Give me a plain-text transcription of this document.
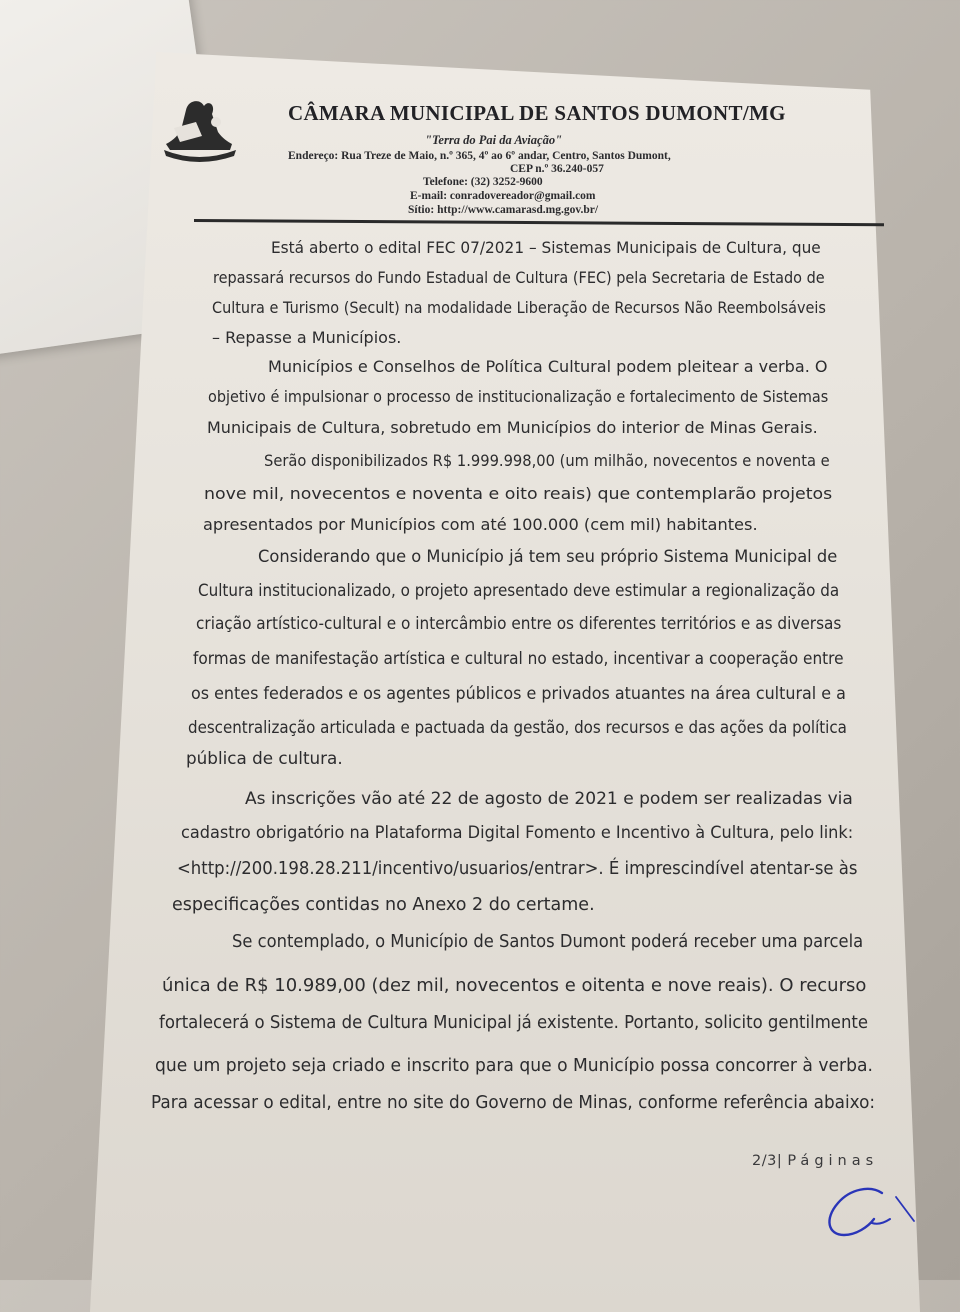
CÂMARA MUNICIPAL DE SANTOS DUMONT/MG
"Terra do Pai da Aviação"
Endereço: Rua Treze de Maio, n.º 365, 4º ao 6º andar, Centro, Santos Dumont,
CEP n.º 36.240-057
Telefone: (32) 3252-9600
E-mail: conradovereador@gmail.com
Sítio: http://www.camarasd.mg.gov.br/
Está aberto o edital FEC 07/2021 – Sistemas Municipais de Cultura, que
repassará recursos do Fundo Estadual de Cultura (FEC) pela Secretaria de Estado de
Cultura e Turismo (Secult) na modalidade Liberação de Recursos Não Reembolsáveis
– Repasse a Municípios.
Municípios e Conselhos de Política Cultural podem pleitear a verba. O
objetivo é impulsionar o processo de institucionalização e fortalecimento de Sistemas
Municipais de Cultura, sobretudo em Municípios do interior de Minas Gerais.
Serão disponibilizados R$ 1.999.998,00 (um milhão, novecentos e noventa e
nove mil, novecentos e noventa e oito reais) que contemplarão projetos
apresentados por Municípios com até 100.000 (cem mil) habitantes.
Considerando que o Município já tem seu próprio Sistema Municipal de
Cultura institucionalizado, o projeto apresentado deve estimular a regionalização da
criação artístico-cultural e o intercâmbio entre os diferentes territórios e as diversas
formas de manifestação artística e cultural no estado, incentivar a cooperação entre
os entes federados e os agentes públicos e privados atuantes na área cultural e a
descentralização articulada e pactuada da gestão, dos recursos e das ações da política
pública de cultura.
As inscrições vão até 22 de agosto de 2021 e podem ser realizadas via
cadastro obrigatório na Plataforma Digital Fomento e Incentivo à Cultura, pelo link:
<http://200.198.28.211/incentivo/usuarios/entrar>. É imprescindível atentar-se às
especificações contidas no Anexo 2 do certame.
Se contemplado, o Município de Santos Dumont poderá receber uma parcela
única de R$ 10.989,00 (dez mil, novecentos e oitenta e nove reais). O recurso
fortalecerá o Sistema de Cultura Municipal já existente. Portanto, solicito gentilmente
que um projeto seja criado e inscrito para que o Município possa concorrer à verba.
Para acessar o edital, entre no site do Governo de Minas, conforme referência abaixo:
2/3| Páginas
